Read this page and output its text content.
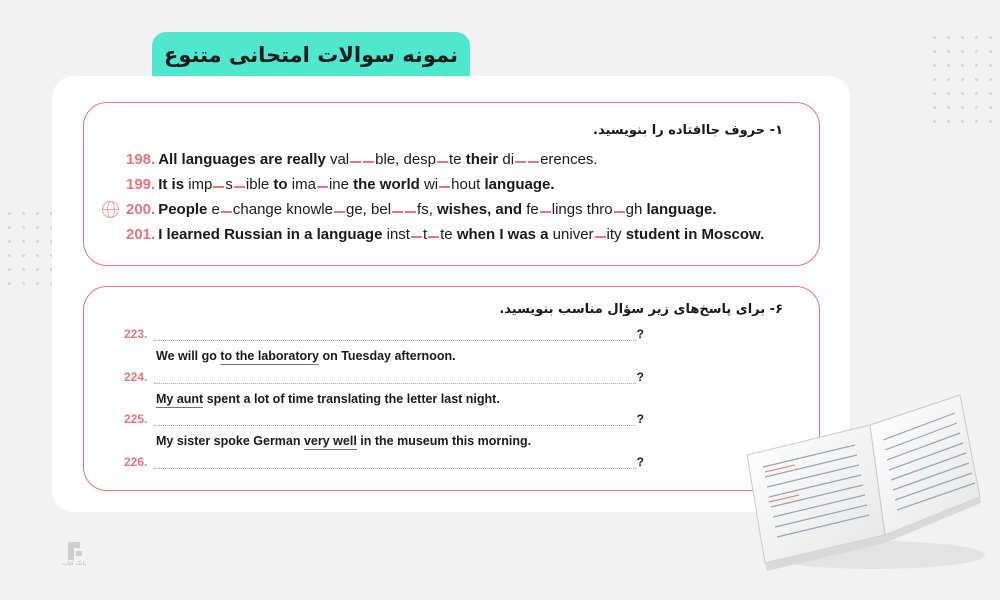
نمونه سوالات امتحانی متنوع
۱- حروف جاافتاده را بنویسید.
198. All languages are really val ble, desp te their di erences.
199. It is imp s ible to ima ine the world wi hout language.
200. People e change knowle ge, bel fs, wishes, and fe lings thro gh language.
201. I learned Russian in a language inst t te when I was a univer ity student in Moscow.
۶- برای پاسخ‌های زیر سؤال مناسب بنویسید.
223.	?
We will go to the laboratory on Tuesday afternoon.
224.	?
My aunt spent a lot of time translating the letter last night.
225.	?
My sister spoke German very well in the museum this morning.
226.	?
بانک کتاب
